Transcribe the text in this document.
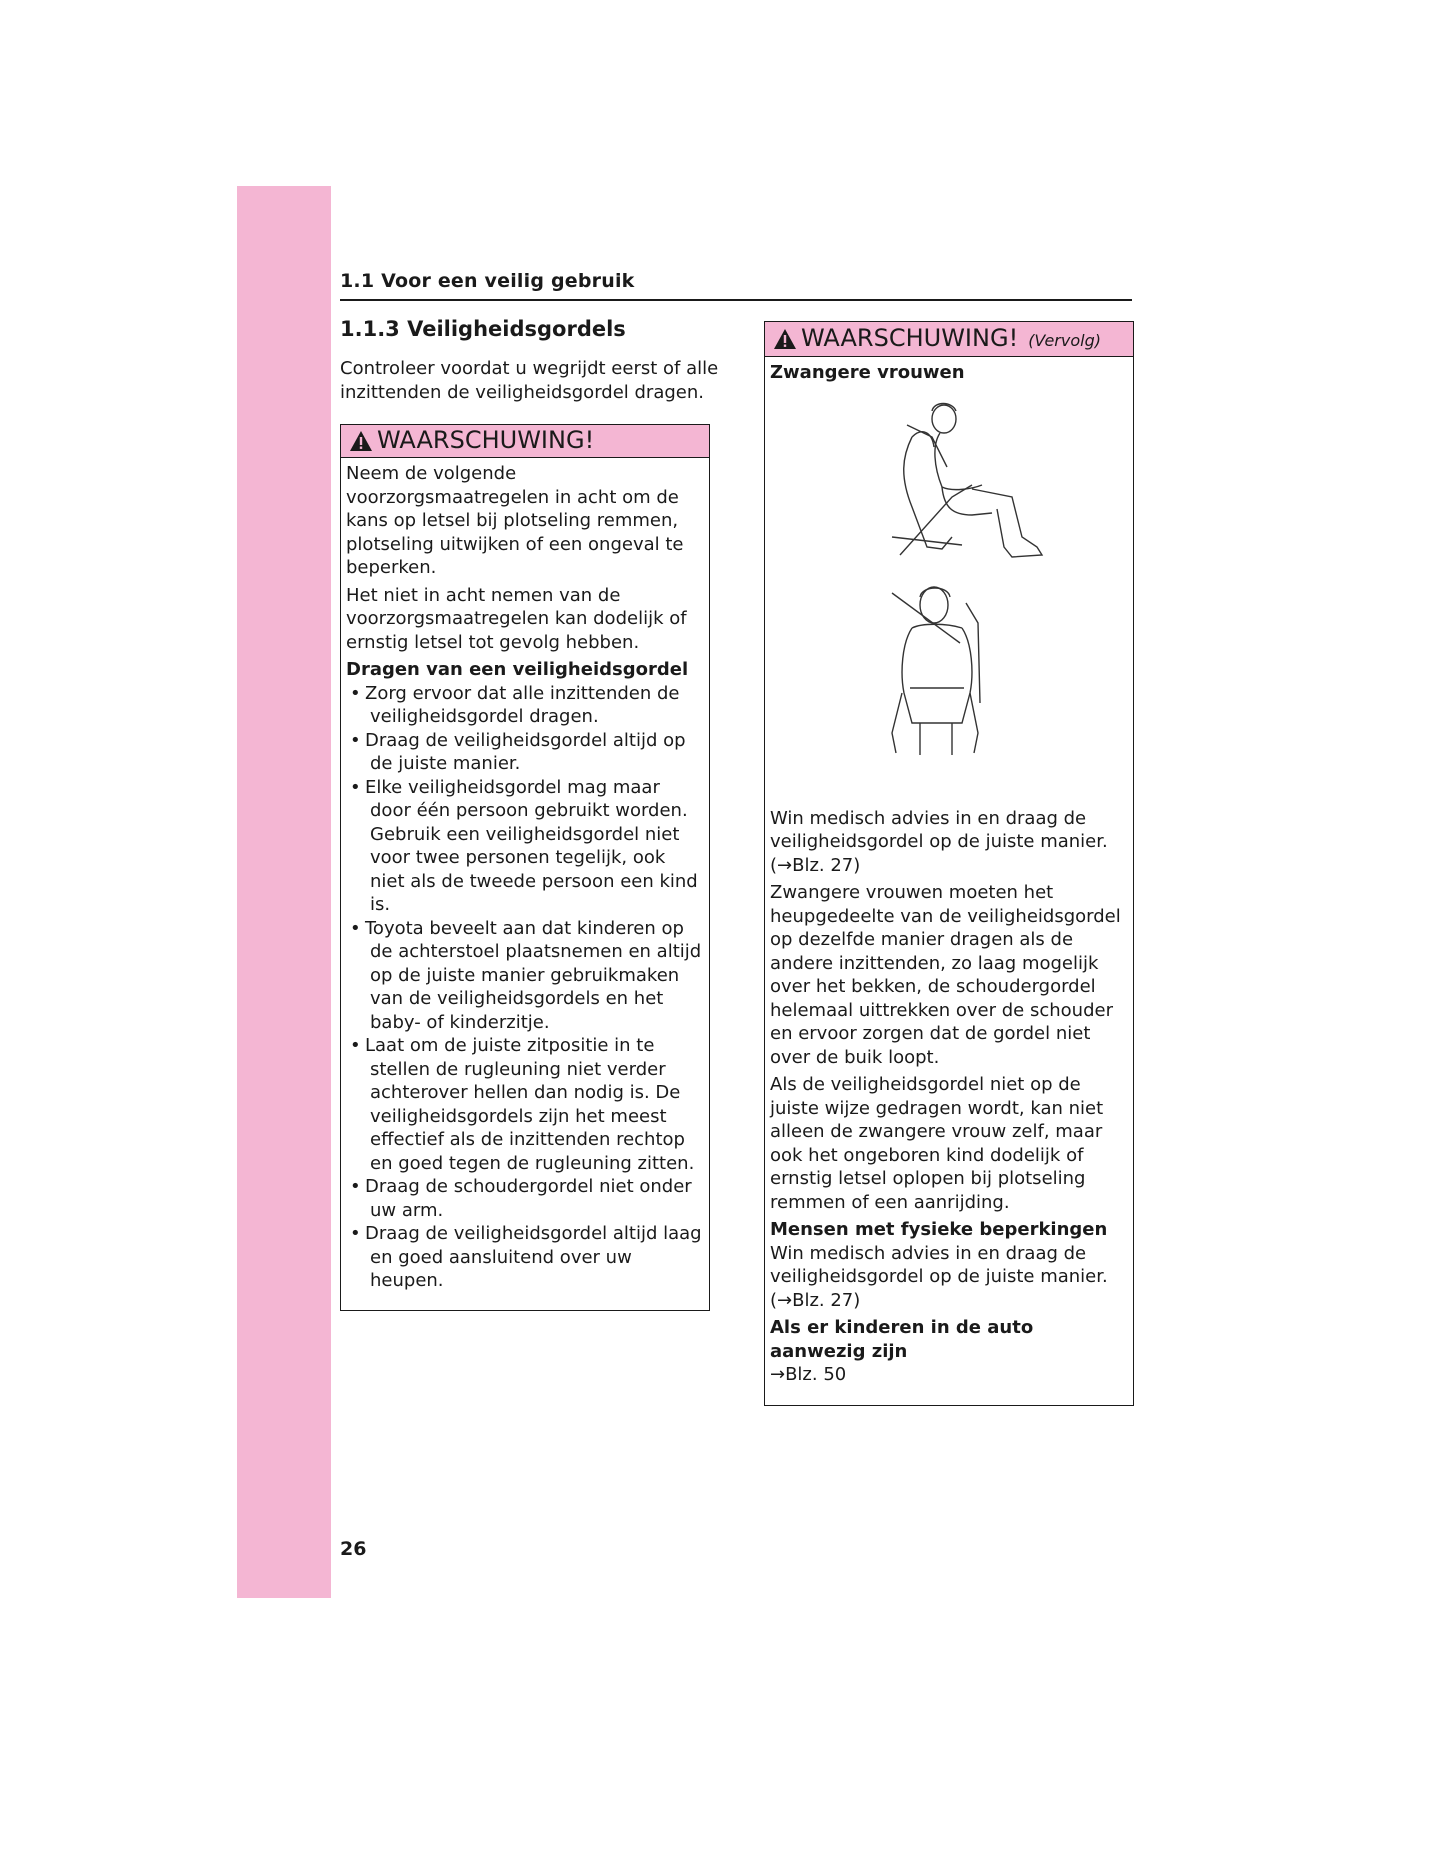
1.1 Voor een veilig gebruik
1.1.3 Veiligheidsgordels
Controleer voordat u wegrijdt eerst of alle inzittenden de veiligheidsgordel dragen.
WAARSCHUWING!

Neem de volgende voorzorgsmaatregelen in acht om de kans op letsel bij plotseling remmen, plotseling uitwijken of een ongeval te beperken.

Het niet in acht nemen van de voorzorgsmaatregelen kan dodelijk of ernstig letsel tot gevolg hebben.

Dragen van een veiligheidsgordel

• Zorg ervoor dat alle inzittenden de veiligheidsgordel dragen.
• Draag de veiligheidsgordel altijd op de juiste manier.
• Elke veiligheidsgordel mag maar door één persoon gebruikt worden. Gebruik een veiligheidsgordel niet voor twee personen tegelijk, ook niet als de tweede persoon een kind is.
• Toyota beveelt aan dat kinderen op de achterstoel plaatsnemen en altijd op de juiste manier gebruikmaken van de veiligheidsgordels en het baby- of kinderzitje.
• Laat om de juiste zitpositie in te stellen de rugleuning niet verder achterover hellen dan nodig is. De veiligheidsgordels zijn het meest effectief als de inzittenden rechtop en goed tegen de rugleuning zitten.
• Draag de schoudergordel niet onder uw arm.
• Draag de veiligheidsgordel altijd laag en goed aansluitend over uw heupen.
WAARSCHUWING! (Vervolg)

Zwangere vrouwen

Win medisch advies in en draag de veiligheidsgordel op de juiste manier. (→Blz. 27)

Zwangere vrouwen moeten het heupgedeelte van de veiligheidsgordel op dezelfde manier dragen als de andere inzittenden, zo laag mogelijk over het bekken, de schoudergordel helemaal uittrekken over de schouder en ervoor zorgen dat de gordel niet over de buik loopt.

Als de veiligheidsgordel niet op de juiste wijze gedragen wordt, kan niet alleen de zwangere vrouw zelf, maar ook het ongeboren kind dodelijk of ernstig letsel oplopen bij plotseling remmen of een aanrijding.

Mensen met fysieke beperkingen

Win medisch advies in en draag de veiligheidsgordel op de juiste manier. (→Blz. 27)

Als er kinderen in de auto aanwezig zijn

→Blz. 50

26
